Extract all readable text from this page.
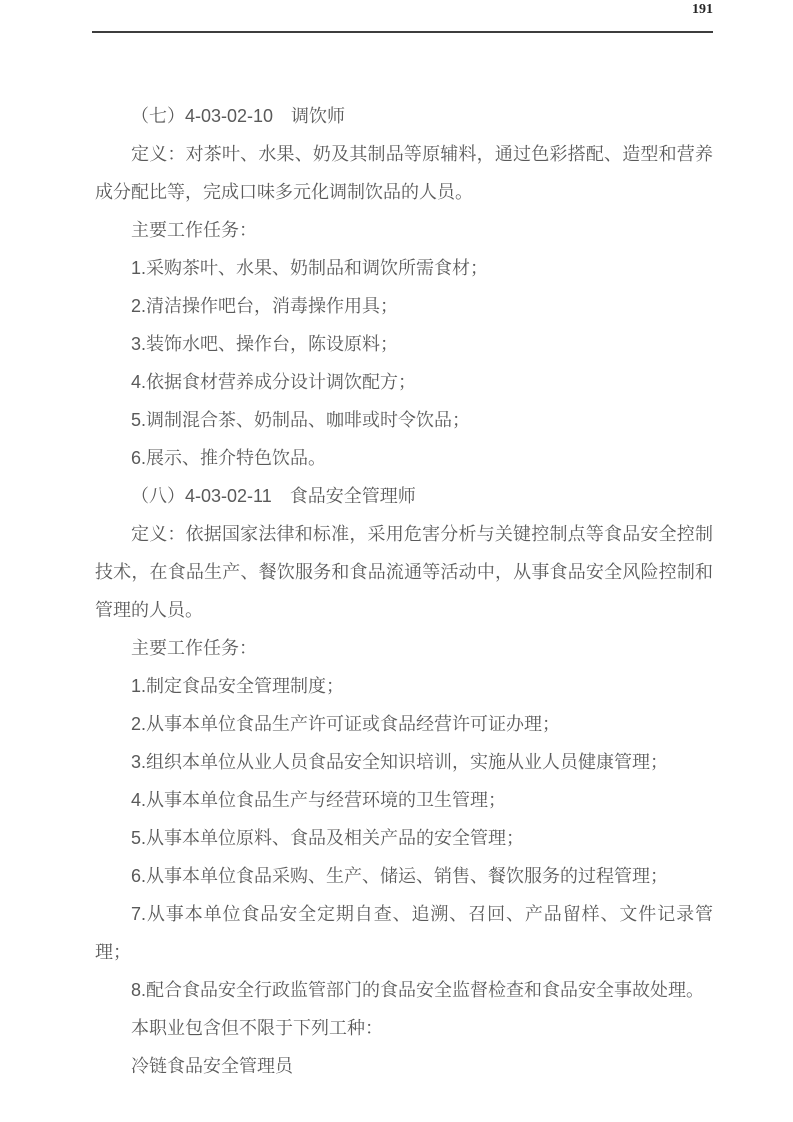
191

（七）4-03-02-10　调饮师

定义：对茶叶、水果、奶及其制品等原辅料，通过色彩搭配、造型和营养成分配比等，完成口味多元化调制饮品的人员。

主要工作任务：

1.采购茶叶、水果、奶制品和调饮所需食材；

2.清洁操作吧台，消毒操作用具；

3.装饰水吧、操作台，陈设原料；

4.依据食材营养成分设计调饮配方；

5.调制混合茶、奶制品、咖啡或时令饮品；

6.展示、推介特色饮品。

（八）4-03-02-11　食品安全管理师

定义：依据国家法律和标准，采用危害分析与关键控制点等食品安全控制技术，在食品生产、餐饮服务和食品流通等活动中，从事食品安全风险控制和管理的人员。

主要工作任务：

1.制定食品安全管理制度；

2.从事本单位食品生产许可证或食品经营许可证办理；

3.组织本单位从业人员食品安全知识培训，实施从业人员健康管理；

4.从事本单位食品生产与经营环境的卫生管理；

5.从事本单位原料、食品及相关产品的安全管理；

6.从事本单位食品采购、生产、储运、销售、餐饮服务的过程管理；

7.从事本单位食品安全定期自查、追溯、召回、产品留样、文件记录管理；

8.配合食品安全行政监管部门的食品安全监督检查和食品安全事故处理。

本职业包含但不限于下列工种：

冷链食品安全管理员
